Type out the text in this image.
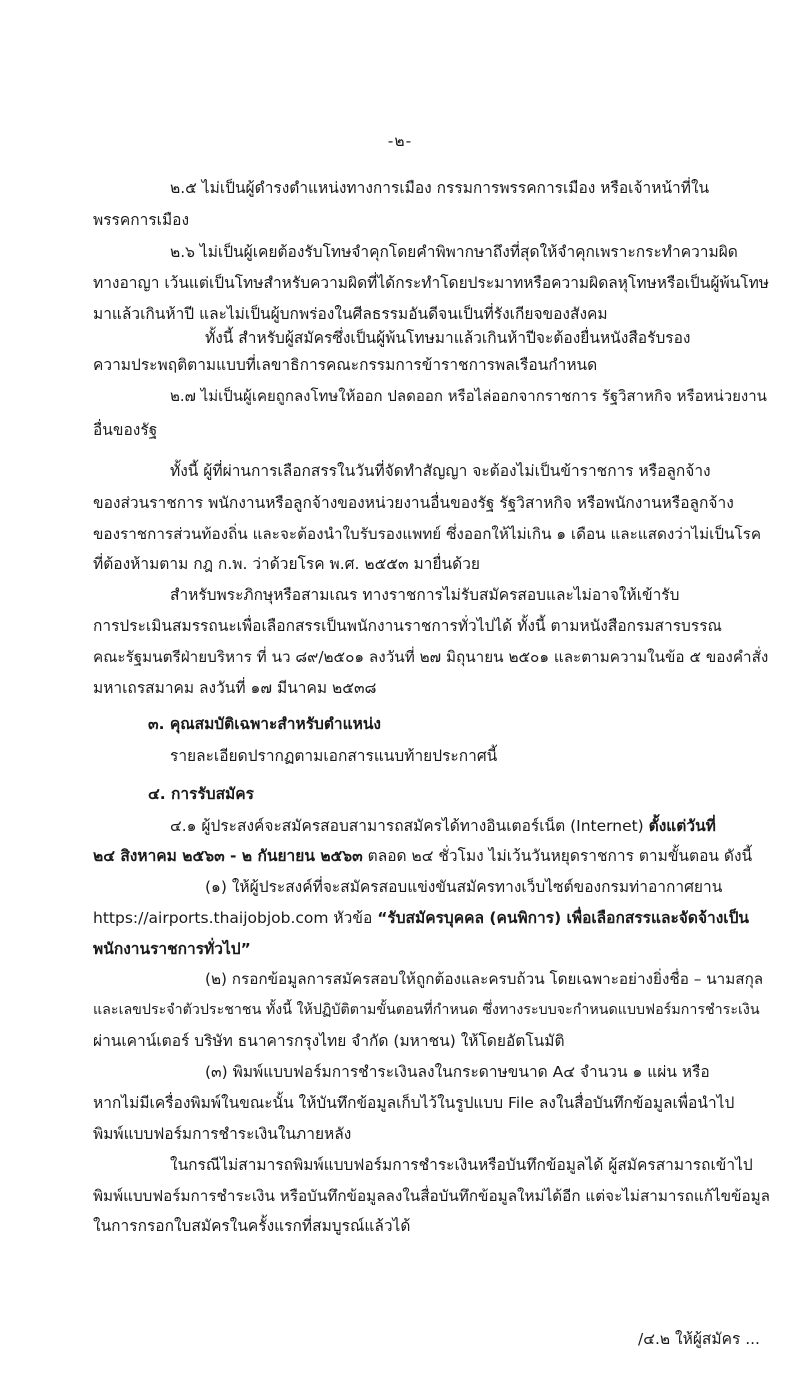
-๒-
๒.๕ ไม่เป็นผู้ดำรงตำแหน่งทางการเมือง กรรมการพรรคการเมือง หรือเจ้าหน้าที่ใน
พรรคการเมือง
๒.๖ ไม่เป็นผู้เคยต้องรับโทษจำคุกโดยคำพิพากษาถึงที่สุดให้จำคุกเพราะกระทำความผิด
ทางอาญา เว้นแต่เป็นโทษสำหรับความผิดที่ได้กระทำโดยประมาทหรือความผิดลหุโทษหรือเป็นผู้พ้นโทษ
มาแล้วเกินห้าปี และไม่เป็นผู้บกพร่องในศีลธรรมอันดีจนเป็นที่รังเกียจของสังคม
ทั้งนี้ สำหรับผู้สมัครซึ่งเป็นผู้พ้นโทษมาแล้วเกินห้าปีจะต้องยื่นหนังสือรับรอง
ความประพฤติตามแบบที่เลขาธิการคณะกรรมการข้าราชการพลเรือนกำหนด
๒.๗ ไม่เป็นผู้เคยถูกลงโทษให้ออก ปลดออก หรือไล่ออกจากราชการ รัฐวิสาหกิจ หรือหน่วยงาน
อื่นของรัฐ
ทั้งนี้ ผู้ที่ผ่านการเลือกสรรในวันที่จัดทำสัญญา จะต้องไม่เป็นข้าราชการ หรือลูกจ้าง
ของส่วนราชการ พนักงานหรือลูกจ้างของหน่วยงานอื่นของรัฐ รัฐวิสาหกิจ หรือพนักงานหรือลูกจ้าง
ของราชการส่วนท้องถิ่น และจะต้องนำใบรับรองแพทย์ ซึ่งออกให้ไม่เกิน ๑ เดือน และแสดงว่าไม่เป็นโรค
ที่ต้องห้ามตาม กฎ ก.พ. ว่าด้วยโรค พ.ศ. ๒๕๕๓ มายื่นด้วย
สำหรับพระภิกษุหรือสามเณร ทางราชการไม่รับสมัครสอบและไม่อาจให้เข้ารับ
การประเมินสมรรถนะเพื่อเลือกสรรเป็นพนักงานราชการทั่วไปได้ ทั้งนี้ ตามหนังสือกรมสารบรรณ
คณะรัฐมนตรีฝ่ายบริหาร ที่ นว ๘๙/๒๕๐๑ ลงวันที่ ๒๗ มิถุนายน ๒๕๐๑ และตามความในข้อ ๕ ของคำสั่ง
มหาเถรสมาคม ลงวันที่ ๑๗ มีนาคม ๒๕๓๘
๓. คุณสมบัติเฉพาะสำหรับตำแหน่ง
รายละเอียดปรากฏตามเอกสารแนบท้ายประกาศนี้
๔. การรับสมัคร
๔.๑ ผู้ประสงค์จะสมัครสอบสามารถสมัครได้ทางอินเตอร์เน็ต (Internet) ตั้งแต่วันที่
๒๔ สิงหาคม ๒๕๖๓ - ๒ กันยายน ๒๕๖๓ ตลอด ๒๔ ชั่วโมง ไม่เว้นวันหยุดราชการ ตามขั้นตอน ดังนี้
(๑) ให้ผู้ประสงค์ที่จะสมัครสอบแข่งขันสมัครทางเว็บไซต์ของกรมท่าอากาศยาน
https://airports.thaijobjob.com หัวข้อ “รับสมัครบุคคล (คนพิการ) เพื่อเลือกสรรและจัดจ้างเป็น
พนักงานราชการทั่วไป”
(๒) กรอกข้อมูลการสมัครสอบให้ถูกต้องและครบถ้วน โดยเฉพาะอย่างยิ่งชื่อ – นามสกุล
และเลขประจำตัวประชาชน ทั้งนี้ ให้ปฏิบัติตามขั้นตอนที่กำหนด ซึ่งทางระบบจะกำหนดแบบฟอร์มการชำระเงิน
ผ่านเคาน์เตอร์ บริษัท ธนาคารกรุงไทย จำกัด (มหาชน) ให้โดยอัตโนมัติ
(๓) พิมพ์แบบฟอร์มการชำระเงินลงในกระดาษขนาด A๔ จำนวน ๑ แผ่น หรือ
หากไม่มีเครื่องพิมพ์ในขณะนั้น ให้บันทึกข้อมูลเก็บไว้ในรูปแบบ File ลงในสื่อบันทึกข้อมูลเพื่อนำไป
พิมพ์แบบฟอร์มการชำระเงินในภายหลัง
ในกรณีไม่สามารถพิมพ์แบบฟอร์มการชำระเงินหรือบันทึกข้อมูลได้ ผู้สมัครสามารถเข้าไป
พิมพ์แบบฟอร์มการชำระเงิน หรือบันทึกข้อมูลลงในสื่อบันทึกข้อมูลใหม่ได้อีก แต่จะไม่สามารถแก้ไขข้อมูล
ในการกรอกใบสมัครในครั้งแรกที่สมบูรณ์แล้วได้
/๔.๒ ให้ผู้สมัคร ...
